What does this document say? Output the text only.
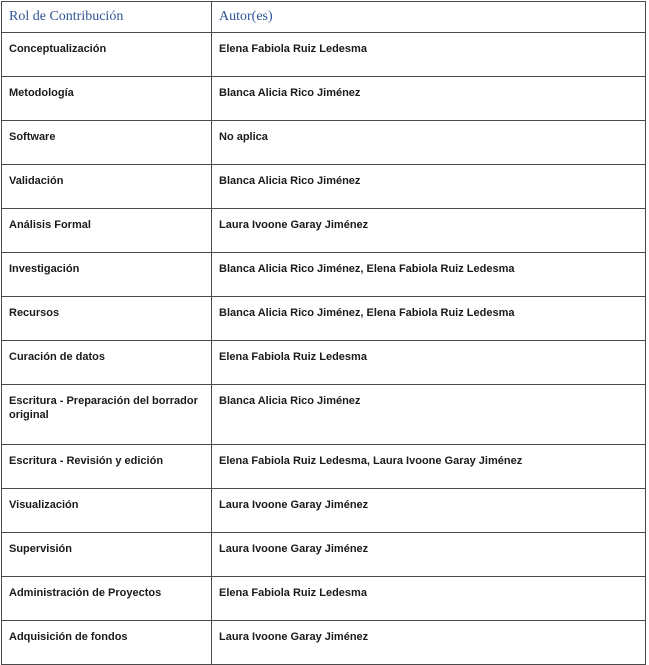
Rol de Contribución	Autor(es)
Conceptualización	Elena Fabiola Ruiz Ledesma
Metodología	Blanca Alicia Rico Jiménez
Software	No aplica
Validación	Blanca Alicia Rico Jiménez
Análisis Formal	Laura Ivoone Garay Jiménez
Investigación	Blanca Alicia Rico Jiménez, Elena Fabiola Ruiz Ledesma
Recursos	Blanca Alicia Rico Jiménez, Elena Fabiola Ruiz Ledesma
Curación de datos	Elena Fabiola Ruiz Ledesma
Escritura - Preparación del borrador original	Blanca Alicia Rico Jiménez
Escritura - Revisión y edición	Elena Fabiola Ruiz Ledesma, Laura Ivoone Garay Jiménez
Visualización	Laura Ivoone Garay Jiménez
Supervisión	Laura Ivoone Garay Jiménez
Administración de Proyectos	Elena Fabiola Ruiz Ledesma
Adquisición de fondos	Laura Ivoone Garay Jiménez
